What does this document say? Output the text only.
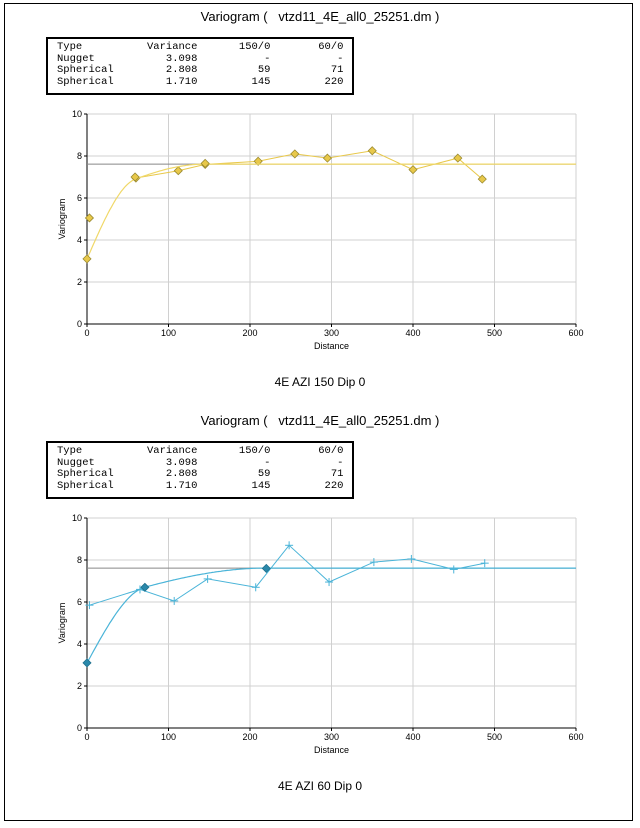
Variogram (   vtzd11_4E_all0_25251.dm )
Type	Variance	150/0	60/0
Nugget	3.098	-	-
Spherical	2.808	59	71
Spherical	1.710	145	220
0	100	200	300	400	500	600
0
2
4
6
8
10
Distance
Variogram
4E AZI 150 Dip 0
Variogram (   vtzd11_4E_all0_25251.dm )
Type	Variance	150/0	60/0
Nugget	3.098	-	-
Spherical	2.808	59	71
Spherical	1.710	145	220
0	100	200	300	400	500	600
0
2
4
6
8
10
Distance
Variogram
4E AZI 60 Dip 0
